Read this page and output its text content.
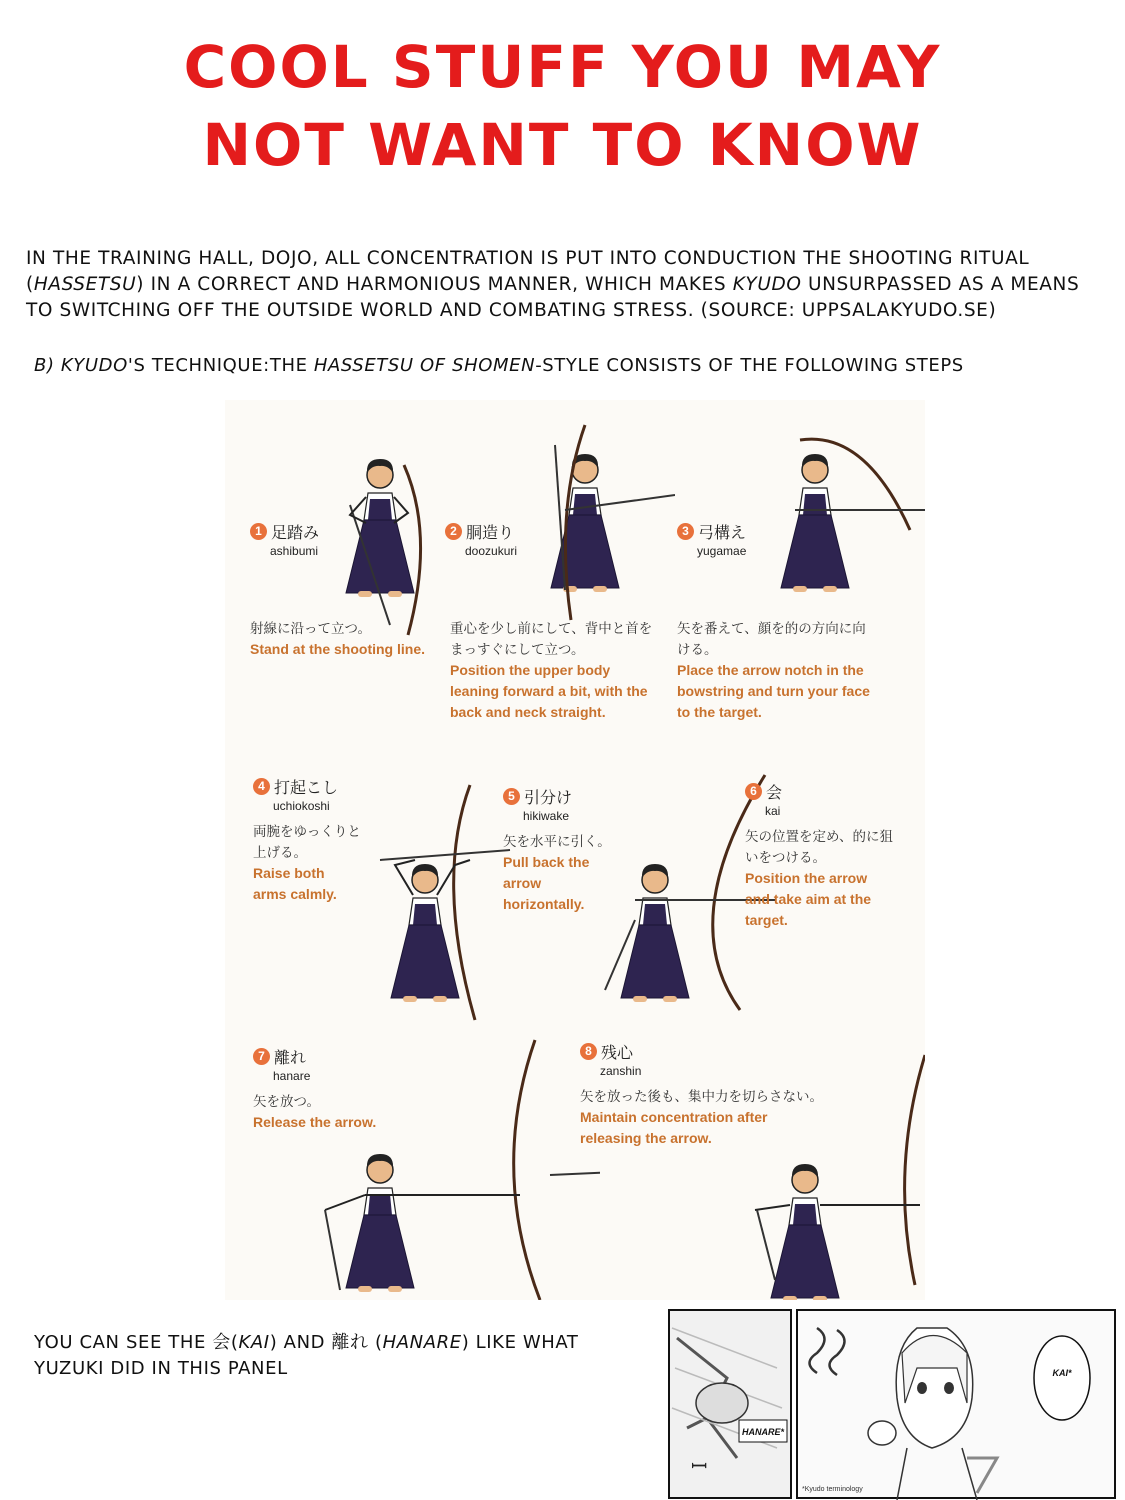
COOL STUFF YOU MAY
NOT WANT TO KNOW
IN THE TRAINING HALL, DOJO, ALL CONCENTRATION IS PUT INTO CONDUCTION THE SHOOTING RITUAL (HASSETSU) IN A CORRECT AND HARMONIOUS MANNER, WHICH MAKES KYUDO UNSURPASSED AS A MEANS TO SWITCHING OFF THE OUTSIDE WORLD AND COMBATING STRESS. (SOURCE: UPPSALAKYUDO.SE)
B) KYUDO'S TECHNIQUE:THE HASSETSU OF SHOMEN-STYLE CONSISTS OF THE FOLLOWING STEPS
1 足踏み
ashibumi
射線に沿って立つ。
Stand at the shooting line.
2 胴造り
doozukuri
重心を少し前にして、背中と首をまっすぐにして立つ。
Position the upper body leaning forward a bit, with the back and neck straight.
3 弓構え
yugamae
矢を番えて、顔を的の方向に向ける。
Place the arrow notch in the bowstring and turn your face to the target.
4 打起こし
uchiokoshi
両腕をゆっくりと上げる。
Raise both arms calmly.
5 引分け
hikiwake
矢を水平に引く。
Pull back the arrow horizontally.
6 会
kai
矢の位置を定め、的に狙いをつける。
Position the arrow and take aim at the target.
7 離れ
hanare
矢を放つ。
Release the arrow.
8 残心
zanshin
矢を放った後も、集中力を切らさない。
Maintain concentration after releasing the arrow.
YOU CAN SEE THE 会(KAI) AND 離れ (HANARE) LIKE WHAT YUZUKI DID IN THIS PANEL
HANARE*
ꟷ
KAI*
*Kyudo terminology
